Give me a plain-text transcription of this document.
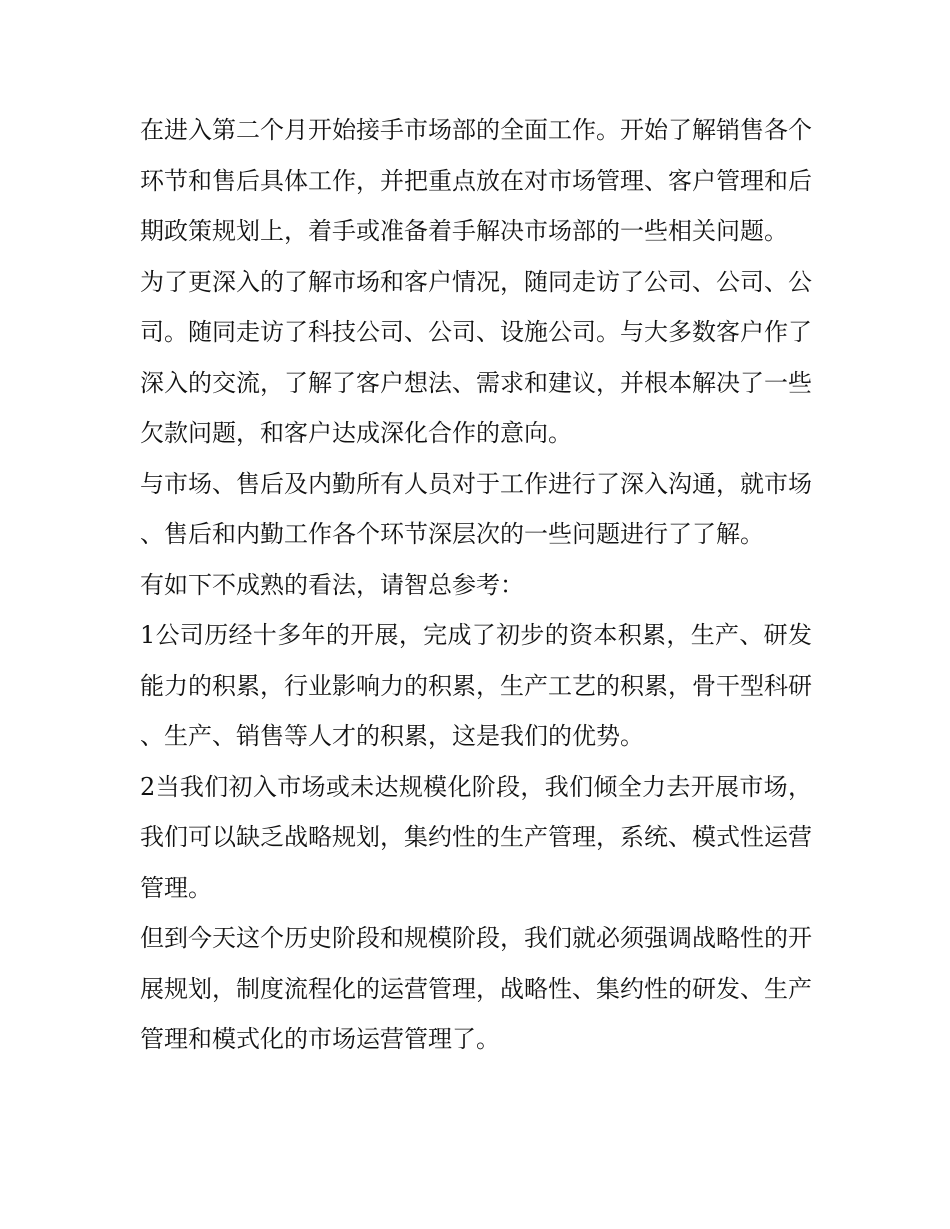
在进入第二个月开始接手市场部的全面工作。开始了解销售各个环节和售后具体工作，并把重点放在对市场管理、客户管理和后期政策规划上，着手或准备着手解决市场部的一些相关问题。

为了更深入的了解市场和客户情况，随同走访了公司、公司、公司。随同走访了科技公司、公司、设施公司。与大多数客户作了深入的交流，了解了客户想法、需求和建议，并根本解决了一些欠款问题，和客户达成深化合作的意向。

与市场、售后及内勤所有人员对于工作进行了深入沟通，就市场、售后和内勤工作各个环节深层次的一些问题进行了了解。

有如下不成熟的看法，请智总参考：

1公司历经十多年的开展，完成了初步的资本积累，生产、研发能力的积累，行业影响力的积累，生产工艺的积累，骨干型科研、生产、销售等人才的积累，这是我们的优势。

2当我们初入市场或未达规模化阶段，我们倾全力去开展市场，我们可以缺乏战略规划，集约性的生产管理，系统、模式性运营管理。

但到今天这个历史阶段和规模阶段，我们就必须强调战略性的开展规划，制度流程化的运营管理，战略性、集约性的研发、生产管理和模式化的市场运营管理了。
